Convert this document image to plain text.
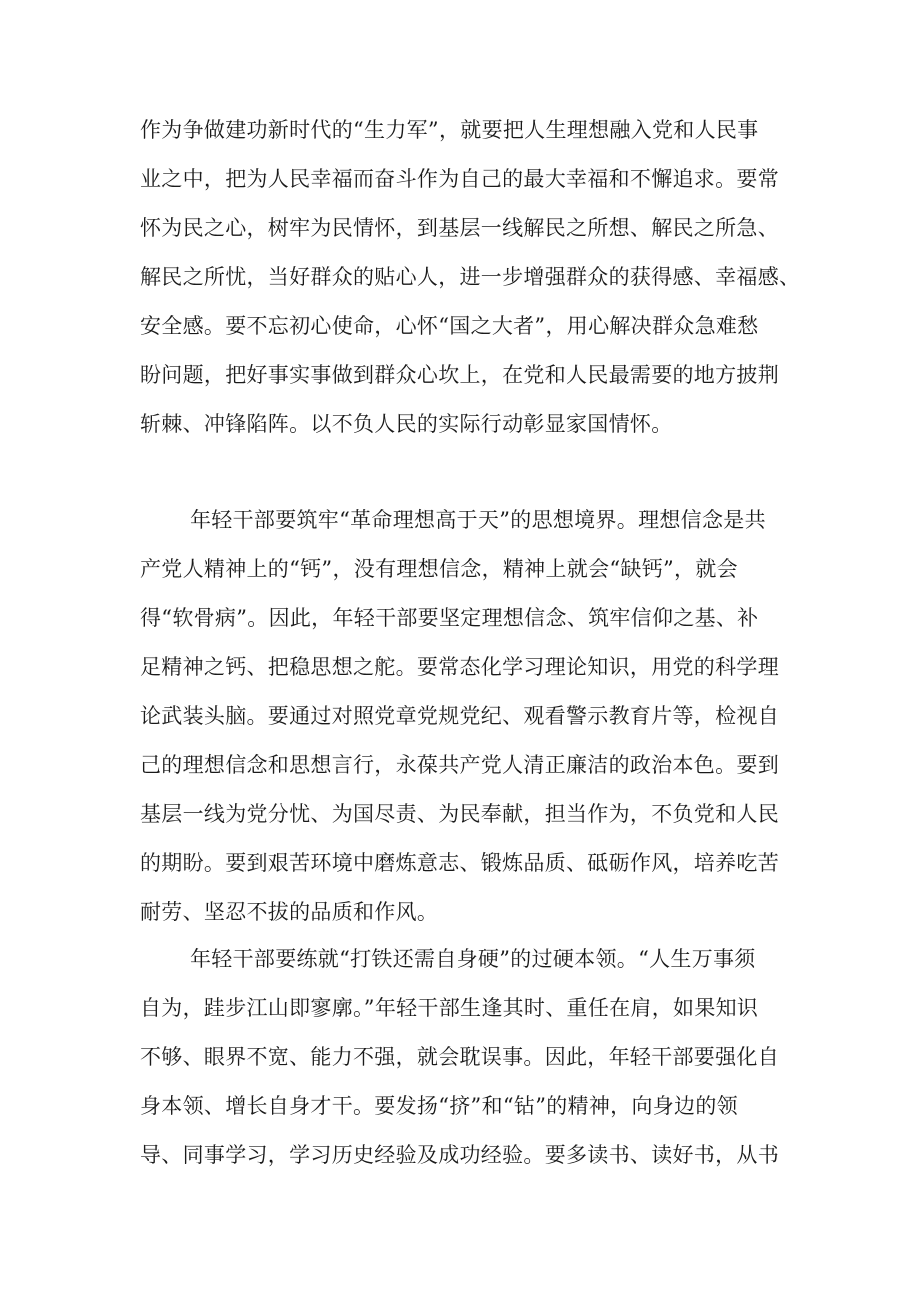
作为争做建功新时代的“生力军”，就要把人生理想融入党和人民事
业之中，把为人民幸福而奋斗作为自己的最大幸福和不懈追求。要常
怀为民之心，树牢为民情怀，到基层一线解民之所想、解民之所急、
解民之所忧，当好群众的贴心人，进一步增强群众的获得感、幸福感、
安全感。要不忘初心使命，心怀“国之大者”，用心解决群众急难愁
盼问题，把好事实事做到群众心坎上，在党和人民最需要的地方披荆
斩棘、冲锋陷阵。以不负人民的实际行动彰显家国情怀。
年轻干部要筑牢“革命理想高于天”的思想境界。理想信念是共
产党人精神上的“钙”，没有理想信念，精神上就会“缺钙”，就会
得“软骨病”。因此，年轻干部要坚定理想信念、筑牢信仰之基、补
足精神之钙、把稳思想之舵。要常态化学习理论知识，用党的科学理
论武装头脑。要通过对照党章党规党纪、观看警示教育片等，检视自
己的理想信念和思想言行，永葆共产党人清正廉洁的政治本色。要到
基层一线为党分忧、为国尽责、为民奉献，担当作为，不负党和人民
的期盼。要到艰苦环境中磨炼意志、锻炼品质、砥砺作风，培养吃苦
耐劳、坚忍不拔的品质和作风。
年轻干部要练就“打铁还需自身硬”的过硬本领。“人生万事须
自为，跬步江山即寥廓。”年轻干部生逢其时、重任在肩，如果知识
不够、眼界不宽、能力不强，就会耽误事。因此，年轻干部要强化自
身本领、增长自身才干。要发扬“挤”和“钻”的精神，向身边的领
导、同事学习，学习历史经验及成功经验。要多读书、读好书，从书
